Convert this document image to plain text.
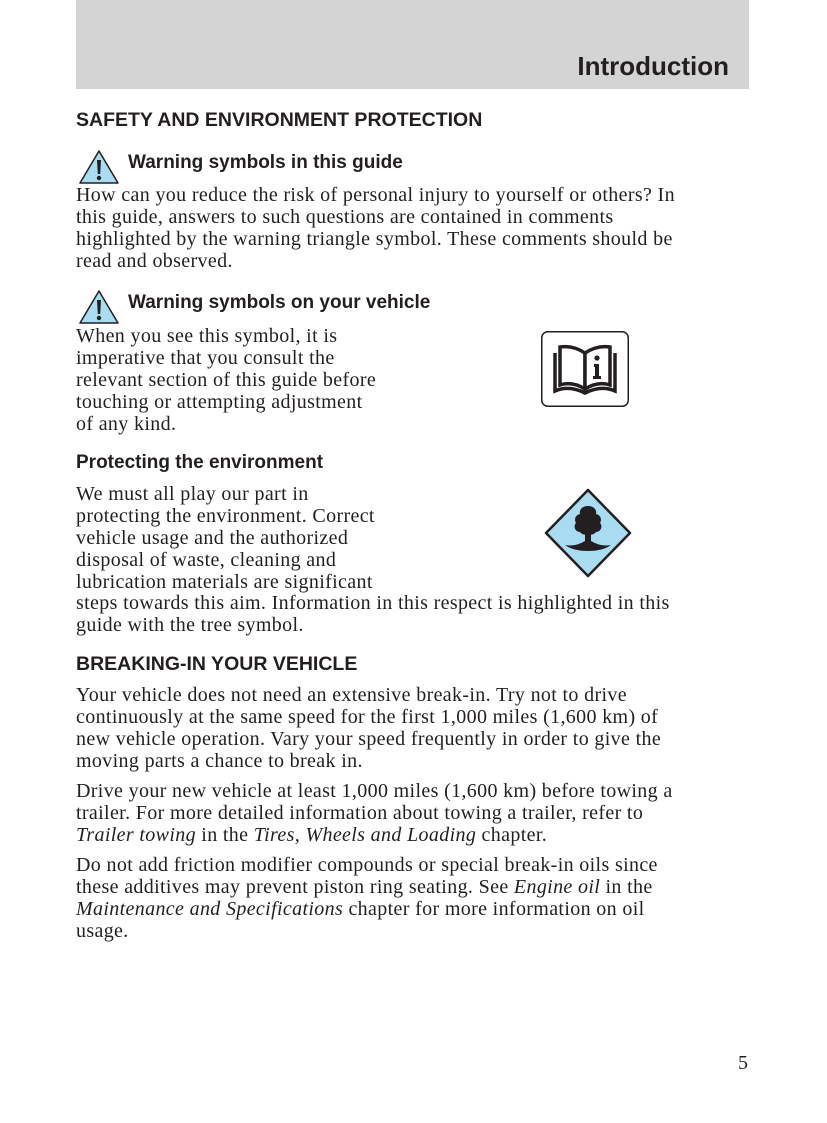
Introduction
SAFETY AND ENVIRONMENT PROTECTION
Warning symbols in this guide
How can you reduce the risk of personal injury to yourself or others? In
this guide, answers to such questions are contained in comments
highlighted by the warning triangle symbol. These comments should be
read and observed.
Warning symbols on your vehicle
When you see this symbol, it is
imperative that you consult the
relevant section of this guide before
touching or attempting adjustment
of any kind.
Protecting the environment
We must all play our part in
protecting the environment. Correct
vehicle usage and the authorized
disposal of waste, cleaning and
lubrication materials are significant
steps towards this aim. Information in this respect is highlighted in this
guide with the tree symbol.
BREAKING-IN YOUR VEHICLE
Your vehicle does not need an extensive break-in. Try not to drive
continuously at the same speed for the first 1,000 miles (1,600 km) of
new vehicle operation. Vary your speed frequently in order to give the
moving parts a chance to break in.
Drive your new vehicle at least 1,000 miles (1,600 km) before towing a
trailer. For more detailed information about towing a trailer, refer to
Trailer towing in the Tires, Wheels and Loading chapter.
Do not add friction modifier compounds or special break-in oils since
these additives may prevent piston ring seating. See Engine oil in the
Maintenance and Specifications chapter for more information on oil
usage.
5
